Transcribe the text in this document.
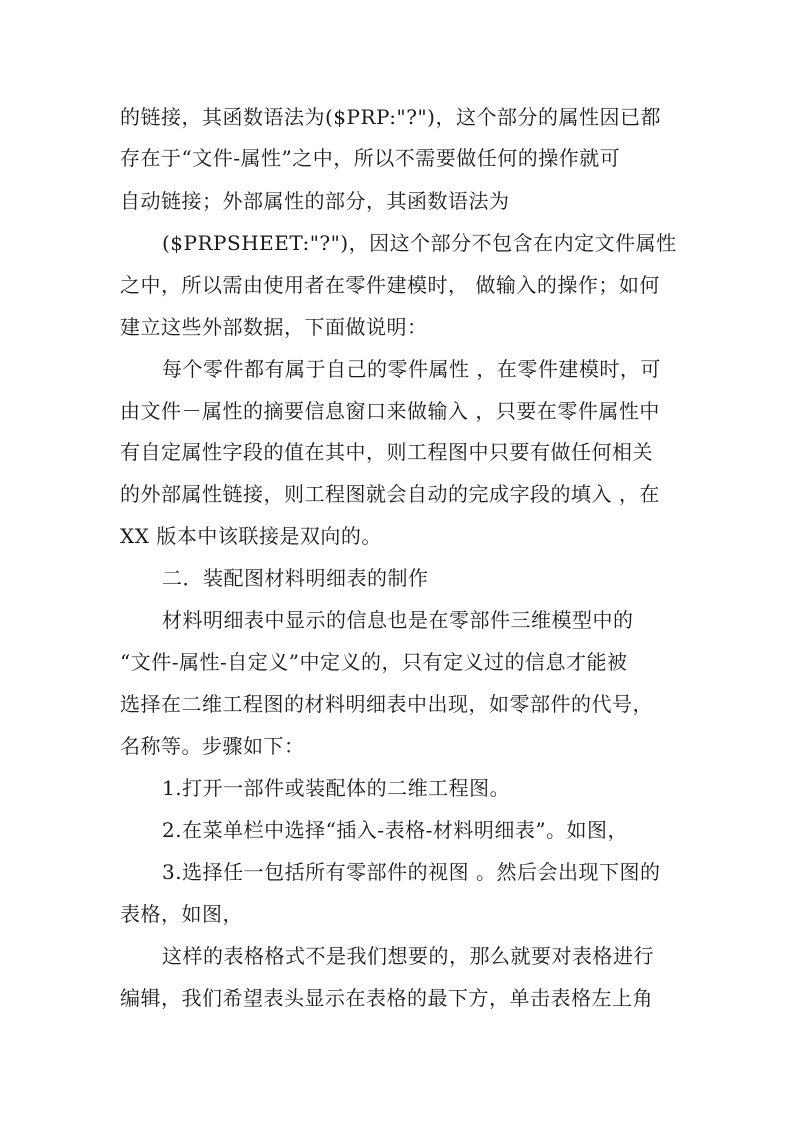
的链接，其函数语法为($PRP:"?")，这个部分的属性因已都
存在于“文件-属性”之中，所以不需要做任何的操作就可
自动链接；外部属性的部分，其函数语法为
($PRPSHEET:"?")，因这个部分不包含在内定文件属性
之中，所以需由使用者在零件建模时， 做输入的操作；如何
建立这些外部数据，下面做说明：
每个零件都有属于自己的零件属性 ，在零件建模时，可
由文件－属性的摘要信息窗口来做输入 ，只要在零件属性中
有自定属性字段的值在其中，则工程图中只要有做任何相关
的外部属性链接，则工程图就会自动的完成字段的填入 ，在
XX 版本中该联接是双向的。
二．装配图材料明细表的制作
材料明细表中显示的信息也是在零部件三维模型中的
“文件-属性-自定义”中定义的，只有定义过的信息才能被
选择在二维工程图的材料明细表中出现，如零部件的代号，
名称等。步骤如下：
1.打开一部件或装配体的二维工程图。
2.在菜单栏中选择“插入-表格-材料明细表”。如图，
3.选择任一包括所有零部件的视图 。然后会出现下图的
表格，如图，
这样的表格格式不是我们想要的，那么就要对表格进行
编辑，我们希望表头显示在表格的最下方，单击表格左上角
